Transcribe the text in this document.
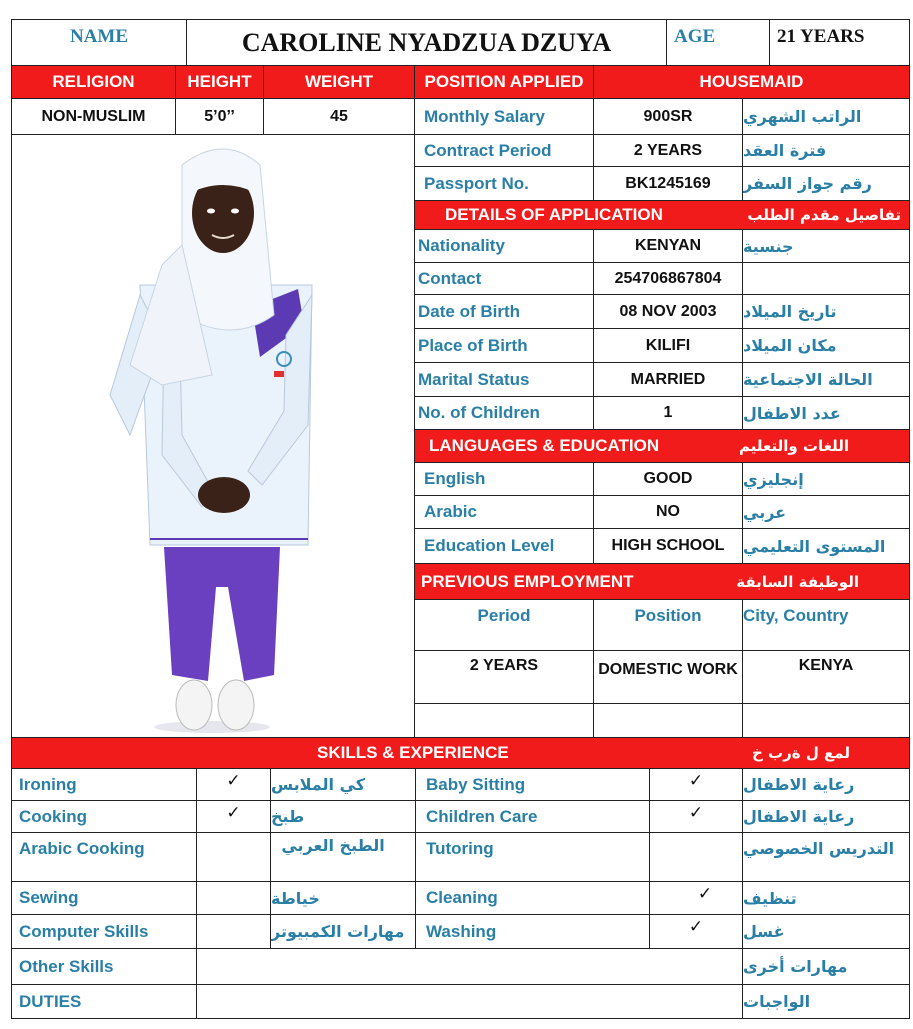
NAME	CAROLINE NYADZUA DZUYA	AGE	21 YEARS
RELIGION	HEIGHT	WEIGHT	POSITION APPLIED	HOUSEMAID
NON-MUSLIM	5’0’’	45	Monthly Salary	900SR	الراتب الشهري
Contract Period	2 YEARS	فترة العقد
Passport No.	BK1245169	رقم جواز السفر
DETAILS OF APPLICATION	تفاصيل مقدم الطلب
Nationality	KENYAN	جنسية
Contact	254706867804
Date of Birth	08 NOV 2003	تاريخ الميلاد
Place of Birth	KILIFI	مكان الميلاد
Marital Status	MARRIED	الحالة الاجتماعية
No. of Children	1	عدد الاطفال
LANGUAGES & EDUCATION	اللغات والتعليم
English	GOOD	إنجليزي
Arabic	NO	عربي
Education Level	HIGH SCHOOL	المستوى التعليمي
PREVIOUS EMPLOYMENT	الوظيفة السابقة
Period	Position	City, Country
2 YEARS	DOMESTIC WORK	KENYA
SKILLS & EXPERIENCE	لمع ل ةرب خ
Ironing	✓	كي الملابس	Baby Sitting	✓	رعاية الاطفال
Cooking	✓	طبخ	Children Care	✓	رعاية الاطفال
Arabic Cooking	الطبخ العربي	Tutoring	التدريس الخصوصي
Sewing	خياطة	Cleaning	✓	تنظيف
Computer Skills	مهارات الكمبيوتر	Washing	✓	غسل
Other Skills	مهارات أخرى
DUTIES	الواجبات
